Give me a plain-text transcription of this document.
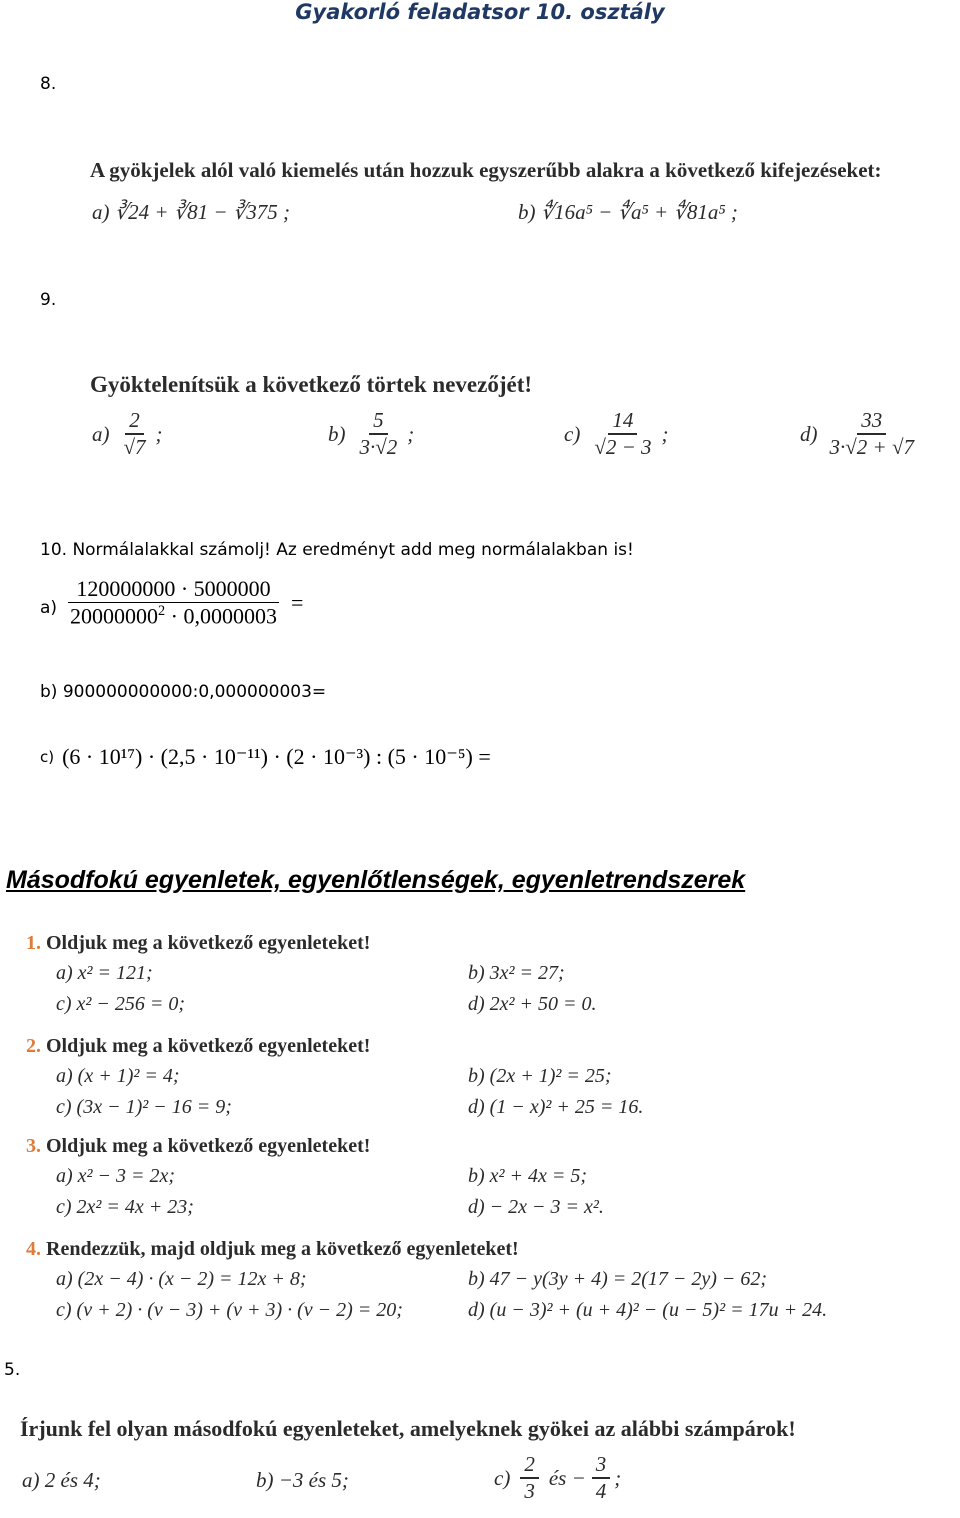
Gyakorló feladatsor 10. osztály
8.
A gyökjelek alól való kiemelés után hozzuk egyszerűbb alakra a következő kifejezéseket:
a) ∛24 + ∛81 − ∛375 ;	b) ∜16a⁵ − ∜a⁵ + ∜81a⁵ ;
9.
Gyöktelenítsük a következő törtek nevezőjét!
$a) \frac{2}{√7}$ ;	$b) \frac{5}{3\cdot√2}$ ;	$c) \frac{14}{√2 - 3}$ ;	$d) \frac{33}{3\cdot√2 + √7}$
10. Normálalakkal számolj! Az eredményt add meg normálalakban is!
$a) \frac{120000000 \cdot 5000000}{20000000^2 \cdot 0,0000003}$ =
b) 900000000000:0,000000003=
c) (6 · 10¹⁷) · (2,5 · 10⁻¹¹) · (2 · 10⁻³) : (5 · 10⁻⁵) =
Másodfokú egyenletek, egyenlőtlenségek, egyenletrendszerek
1. Oldjuk meg a következő egyenleteket!
a) x² = 121;	b) 3x² = 27;
c) x² − 256 = 0;	d) 2x² + 50 = 0.
2. Oldjuk meg a következő egyenleteket!
a) (x + 1)² = 4;	b) (2x + 1)² = 25;
c) (3x − 1)² − 16 = 9;	d) (1 − x)² + 25 = 16.
3. Oldjuk meg a következő egyenleteket!
a) x² − 3 = 2x;	b) x² + 4x = 5;
c) 2x² = 4x + 23;	d) − 2x − 3 = x².
4. Rendezzük, majd oldjuk meg a következő egyenleteket!
a) (2x − 4) · (x − 2) = 12x + 8;	b) 47 − y(3y + 4) = 2(17 − 2y) − 62;
c) (v + 2) · (v − 3) + (v + 3) · (v − 2) = 20;	d) (u − 3)² + (u + 4)² − (u − 5)² = 17u + 24.
5.
Írjunk fel olyan másodfokú egyenleteket, amelyeknek gyökei az alábbi számpárok!
a) 2 és 4;	b) −3 és 5;	$c) \frac{2}{3}$ és − $\frac{3}{4}$ ;
